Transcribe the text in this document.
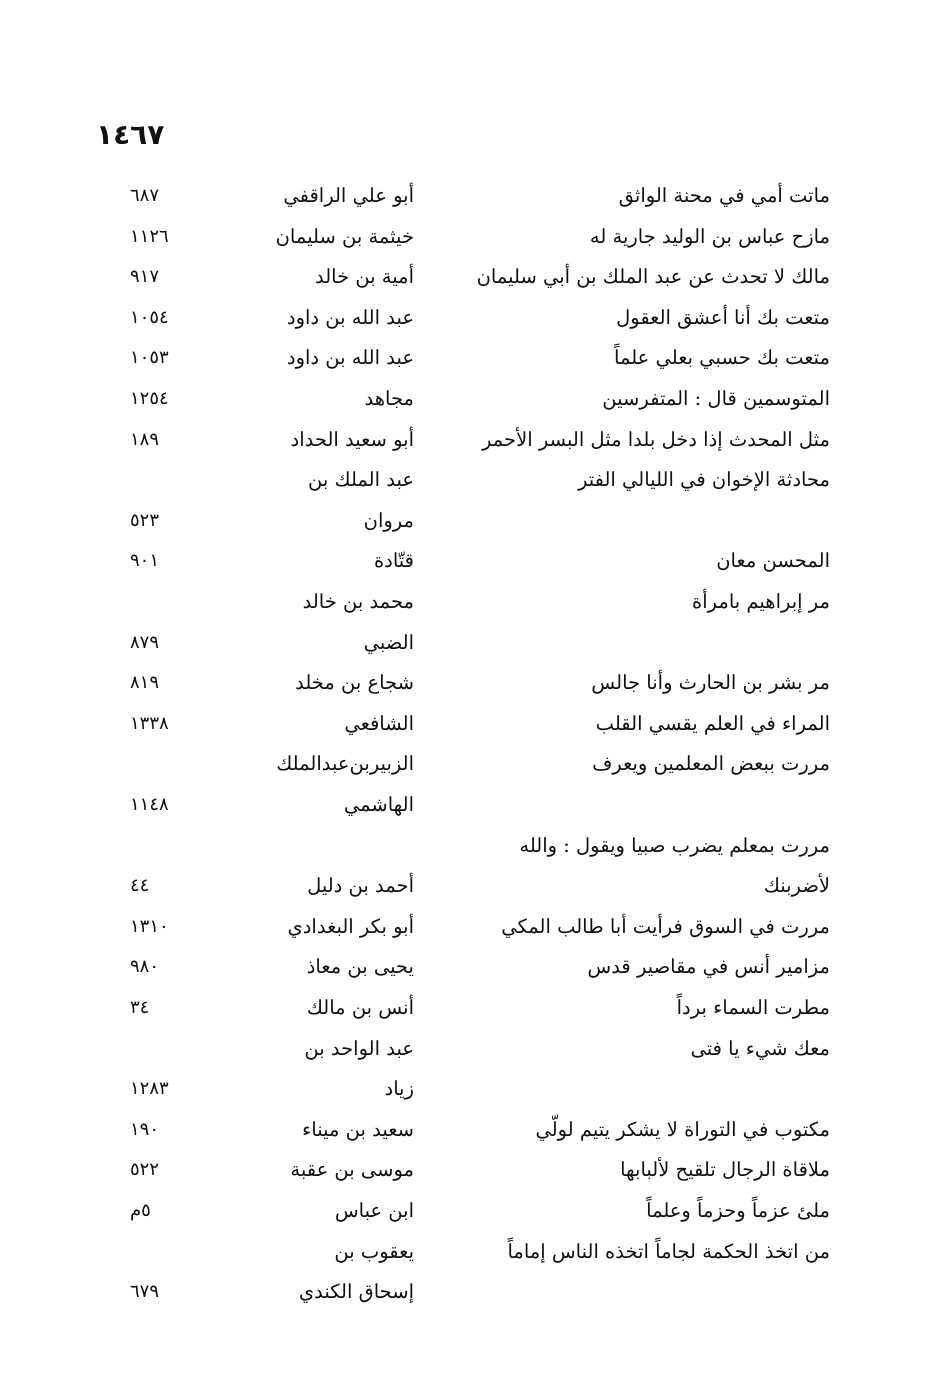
١٤٦٧
ماتت أمي في محنة الواثق
أبو علي الراقفي
٦٨٧
مازح عباس بن الوليد جارية له
خيثمة بن سليمان
١١٢٦
مالك لا تحدث عن عبد الملك بن أبي سليمان
أمية بن خالد
٩١٧
متعت بك أنا أعشق العقول
عبد الله بن داود
١٠٥٤
متعت بك حسبي بعلي علماً
عبد الله بن داود
١٠٥٣
المتوسمين قال : المتفرسين
مجاهد
١٢٥٤
مثل المحدث إذا دخل بلدا مثل البسر الأحمر
أبو سعيد الحداد
١٨٩
محادثة الإخوان في الليالي الفتر
عبد الملك بن
مروان
٥٢٣
المحسن معان
قتّادة
٩٠١
مر إبراهيم بامرأة
محمد بن خالد
الضبي
٨٧٩
مر بشر بن الحارث وأنا جالس
شجاع بن مخلد
٨١٩
المراء في العلم يقسي القلب
الشافعي
١٣٣٨
مررت ببعض المعلمين ويعرف
الزبيربن‌عبدالملك
الهاشمي
١١٤٨
مررت بمعلم يضرب صبيا ويقول : والله
لأضربنك
أحمد بن دليل
٤٤
مررت في السوق فرأيت أبا طالب المكي
أبو بكر البغدادي
١٣١٠
مزامير أنس في مقاصير قدس
يحيى بن معاذ
٩٨٠
مطرت السماء برداً
أنس بن مالك
٣٤
معك شيء يا فتى
عبد الواحد بن
زياد
١٢٨٣
مكتوب في التوراة لا يشكر يتيم لولّي
سعيد بن ميناء
١٩٠
ملاقاة الرجال تلقيح لألبابها
موسى بن عقبة
٥٢٢
ملئ عزماً وحزماً وعلماً
ابن عباس
٥م
من اتخذ الحكمة لجاماً اتخذه الناس إماماً
يعقوب بن
إسحاق الكندي
٦٧٩
